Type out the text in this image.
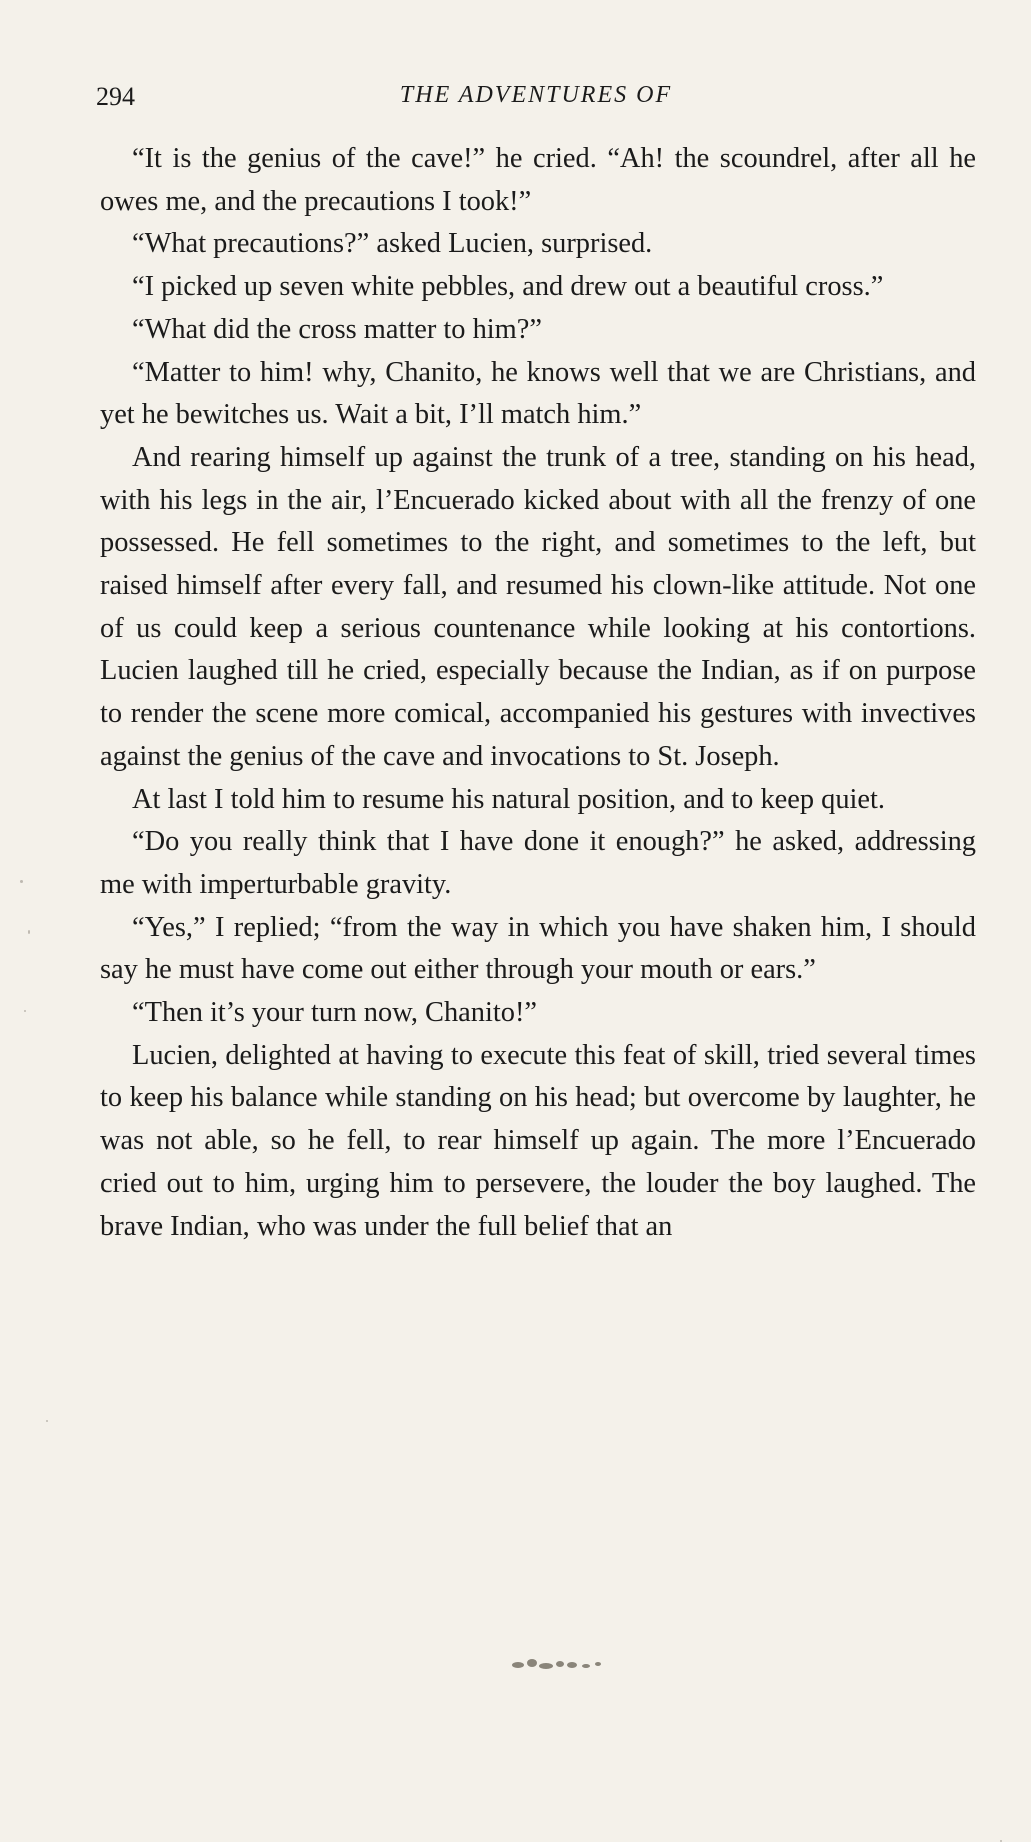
294	THE ADVENTURES OF

“It is the genius of the cave!” he cried. “Ah! the scoundrel, after all he owes me, and the precautions I took!”

“What precautions?” asked Lucien, surprised.

“I picked up seven white pebbles, and drew out a beautiful cross.”

“What did the cross matter to him?”

“Matter to him! why, Chanito, he knows well that we are Christians, and yet he bewitches us. Wait a bit, I’ll match him.”

And rearing himself up against the trunk of a tree, standing on his head, with his legs in the air, l’Encuerado kicked about with all the frenzy of one possessed. He fell sometimes to the right, and sometimes to the left, but raised himself after every fall, and resumed his clown-like attitude. Not one of us could keep a serious countenance while looking at his contortions. Lucien laughed till he cried, especially because the Indian, as if on purpose to render the scene more comical, accompanied his gestures with invectives against the genius of the cave and invocations to St. Joseph.

At last I told him to resume his natural position, and to keep quiet.

“Do you really think that I have done it enough?” he asked, addressing me with imperturbable gravity.

“Yes,” I replied; “from the way in which you have shaken him, I should say he must have come out either through your mouth or ears.”

“Then it’s your turn now, Chanito!”

Lucien, delighted at having to execute this feat of skill, tried several times to keep his balance while standing on his head; but overcome by laughter, he was not able, so he fell, to rear himself up again. The more l’Encuerado cried out to him, urging him to persevere, the louder the boy laughed. The brave Indian, who was under the full belief that an
